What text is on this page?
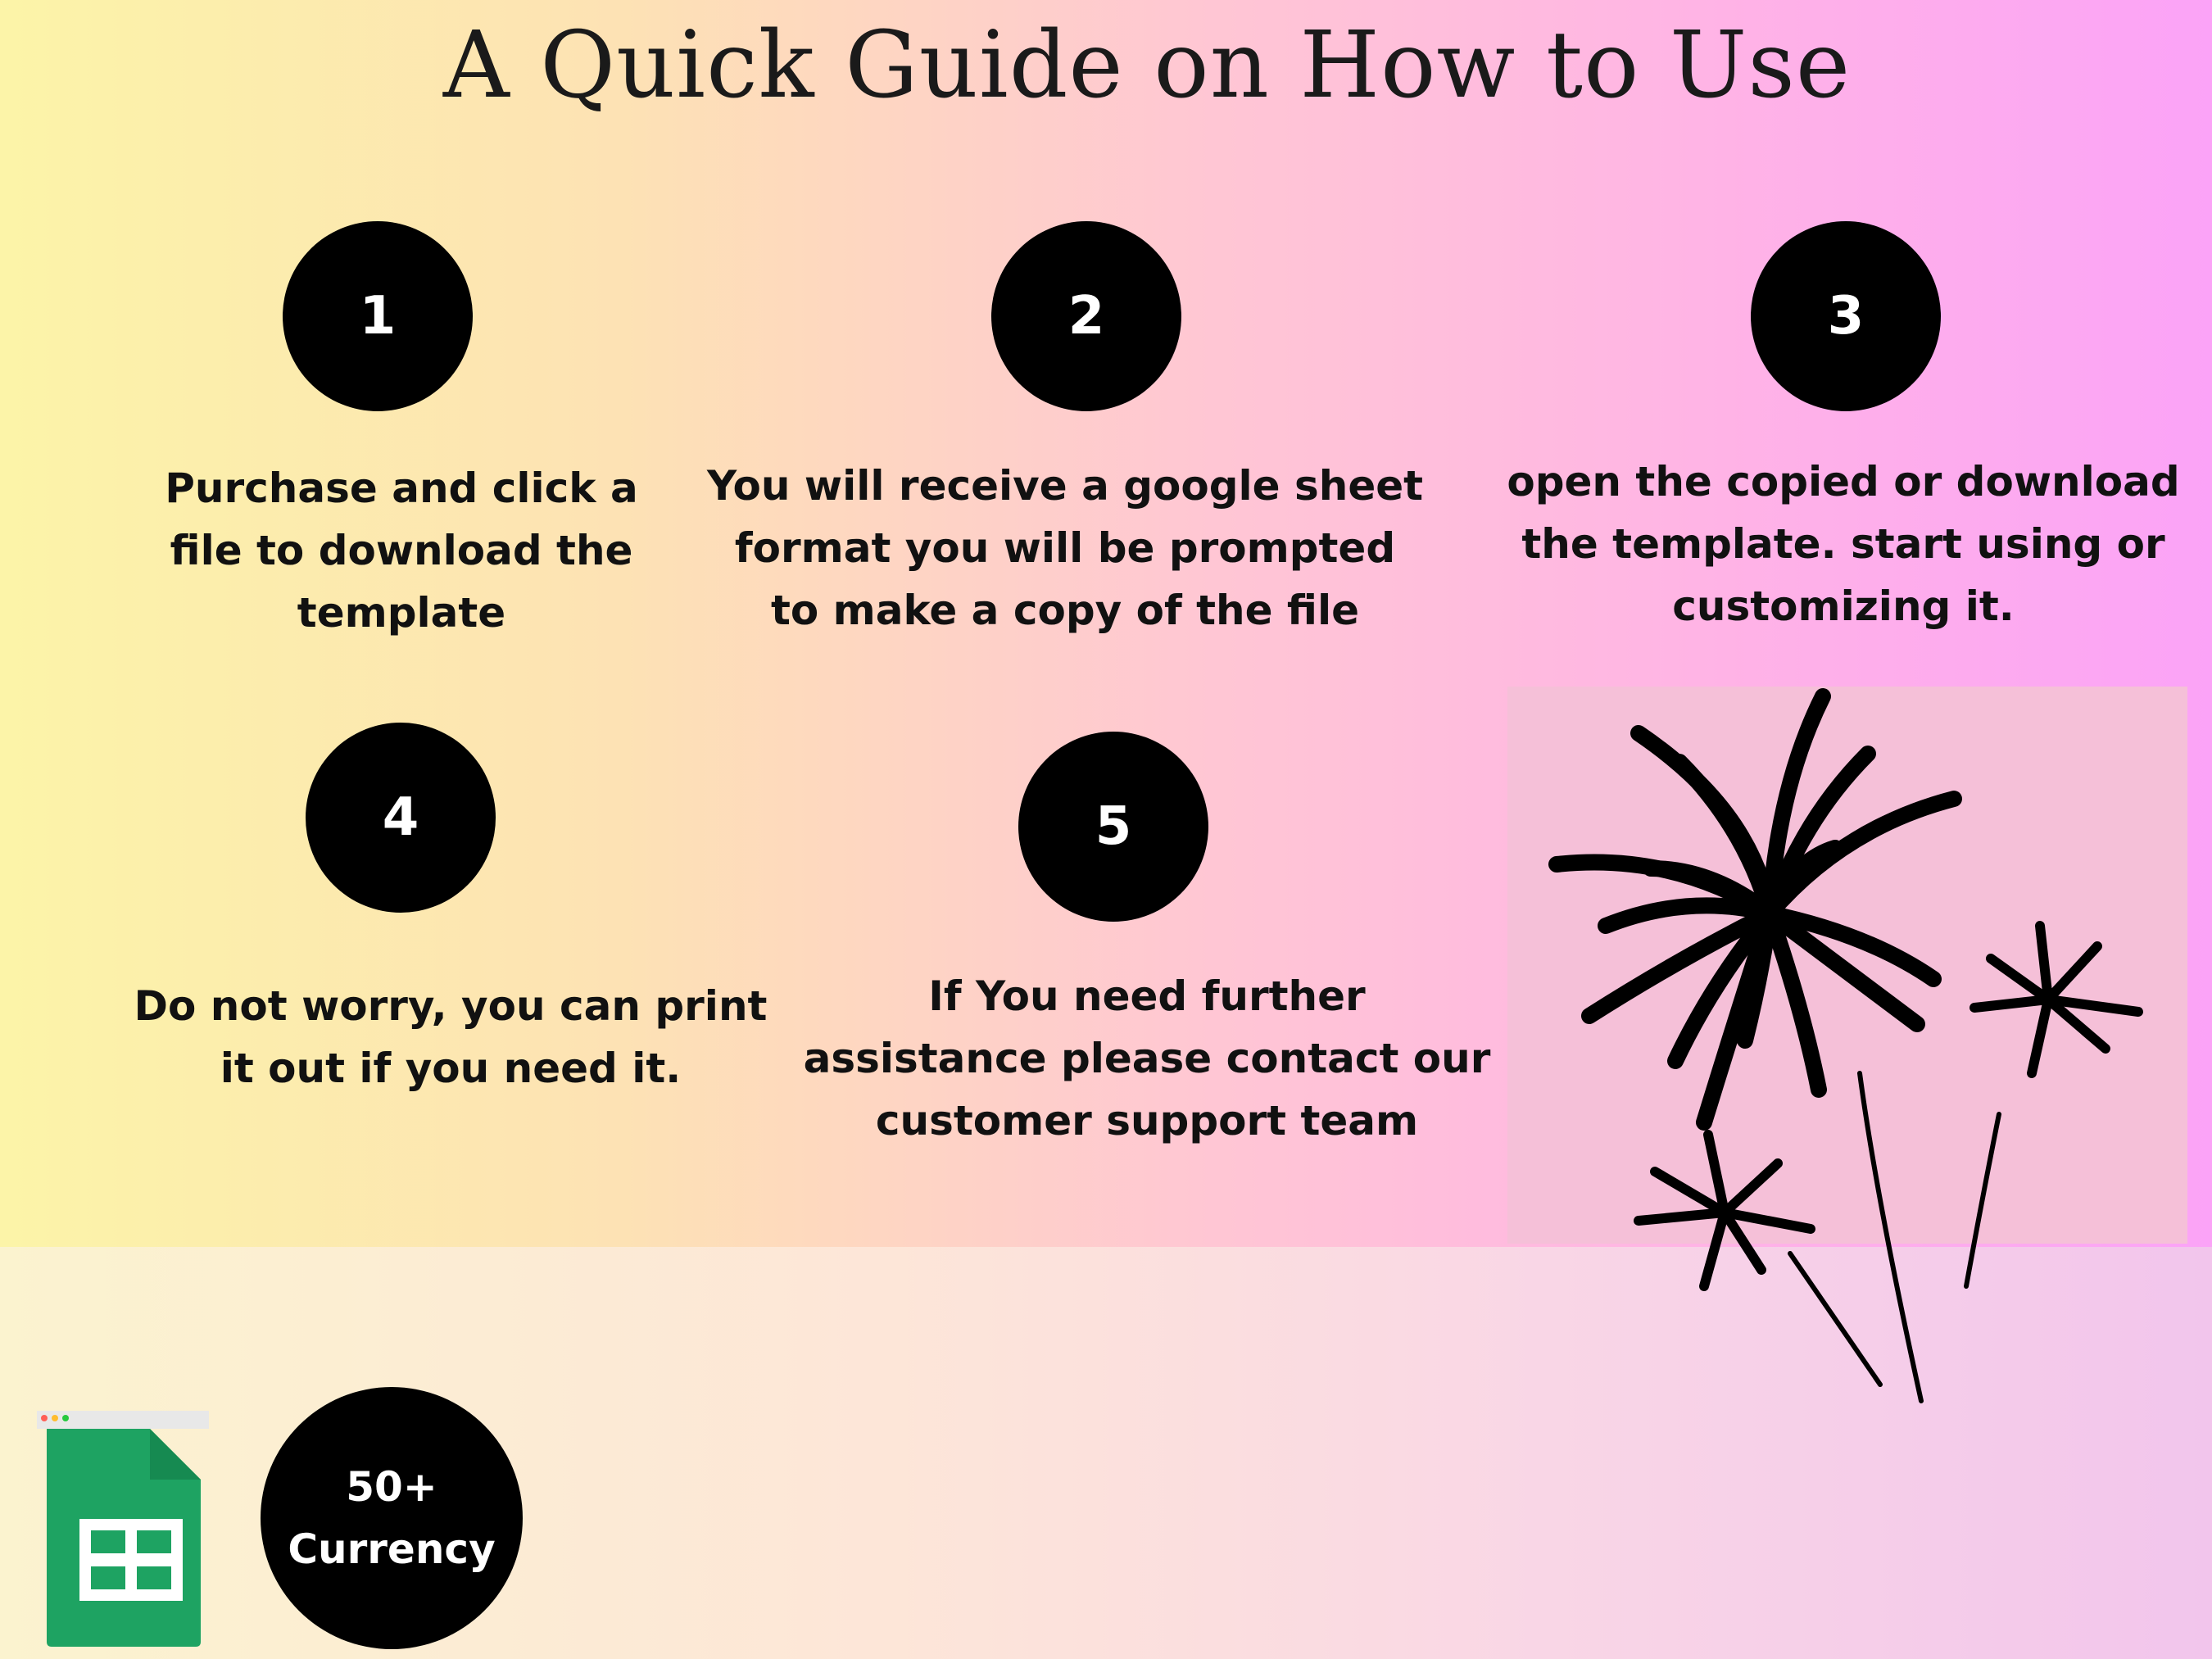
A Quick Guide on How to Use
1
Purchase and click a file to download the template
2
You will receive a google sheet format you will be prompted to make a copy of the file
3
open the copied or download the template. start using or customizing it.
4
Do not worry, you can print it out if you need it.
5
If You need further assistance please contact our customer support team
50+
Currency
